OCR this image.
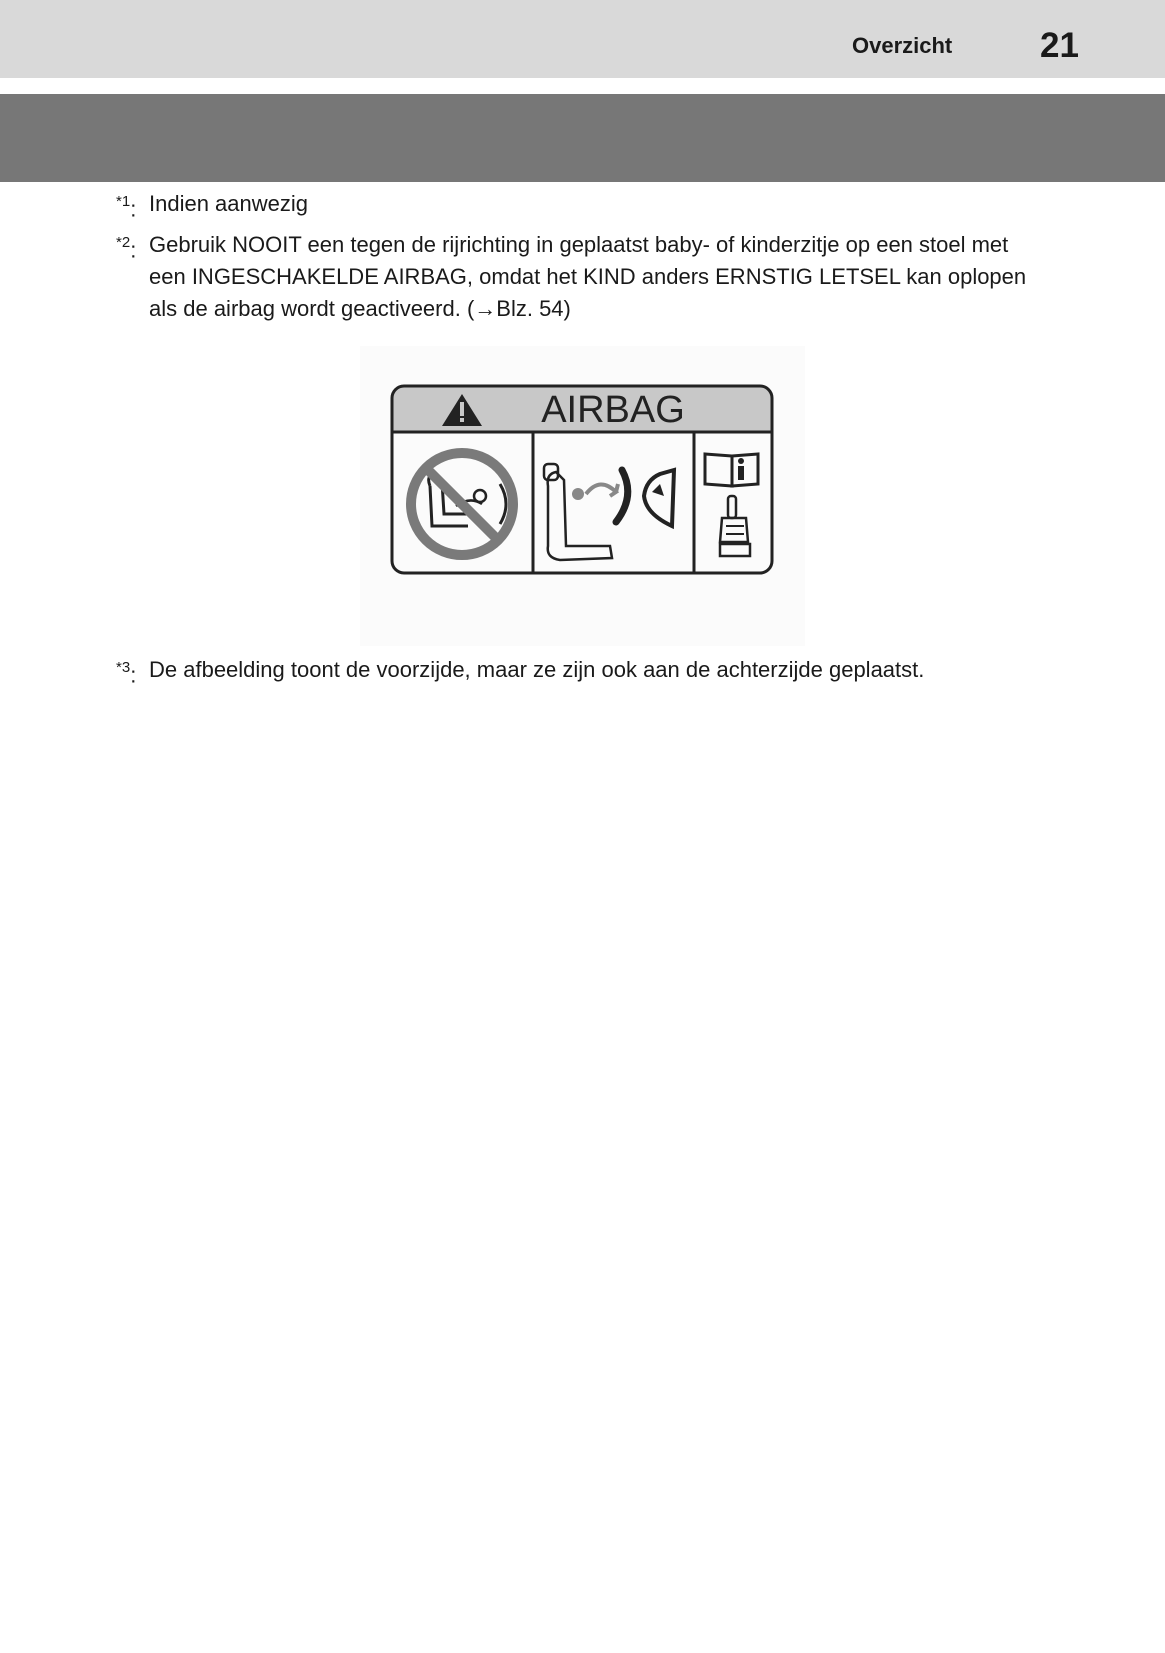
Overzicht	21
$^{*1}$: Indien aanwezig
$^{*2}$: Gebruik NOOIT een tegen de rijrichting in geplaatst baby- of kinderzitje op een stoel met een INGESCHAKELDE AIRBAG, omdat het KIND anders ERNSTIG LETSEL kan oplopen als de airbag wordt geactiveerd. (→Blz. 54)
AIRBAG
$^{*3}$: De afbeelding toont de voorzijde, maar ze zijn ook aan de achterzijde geplaatst.
